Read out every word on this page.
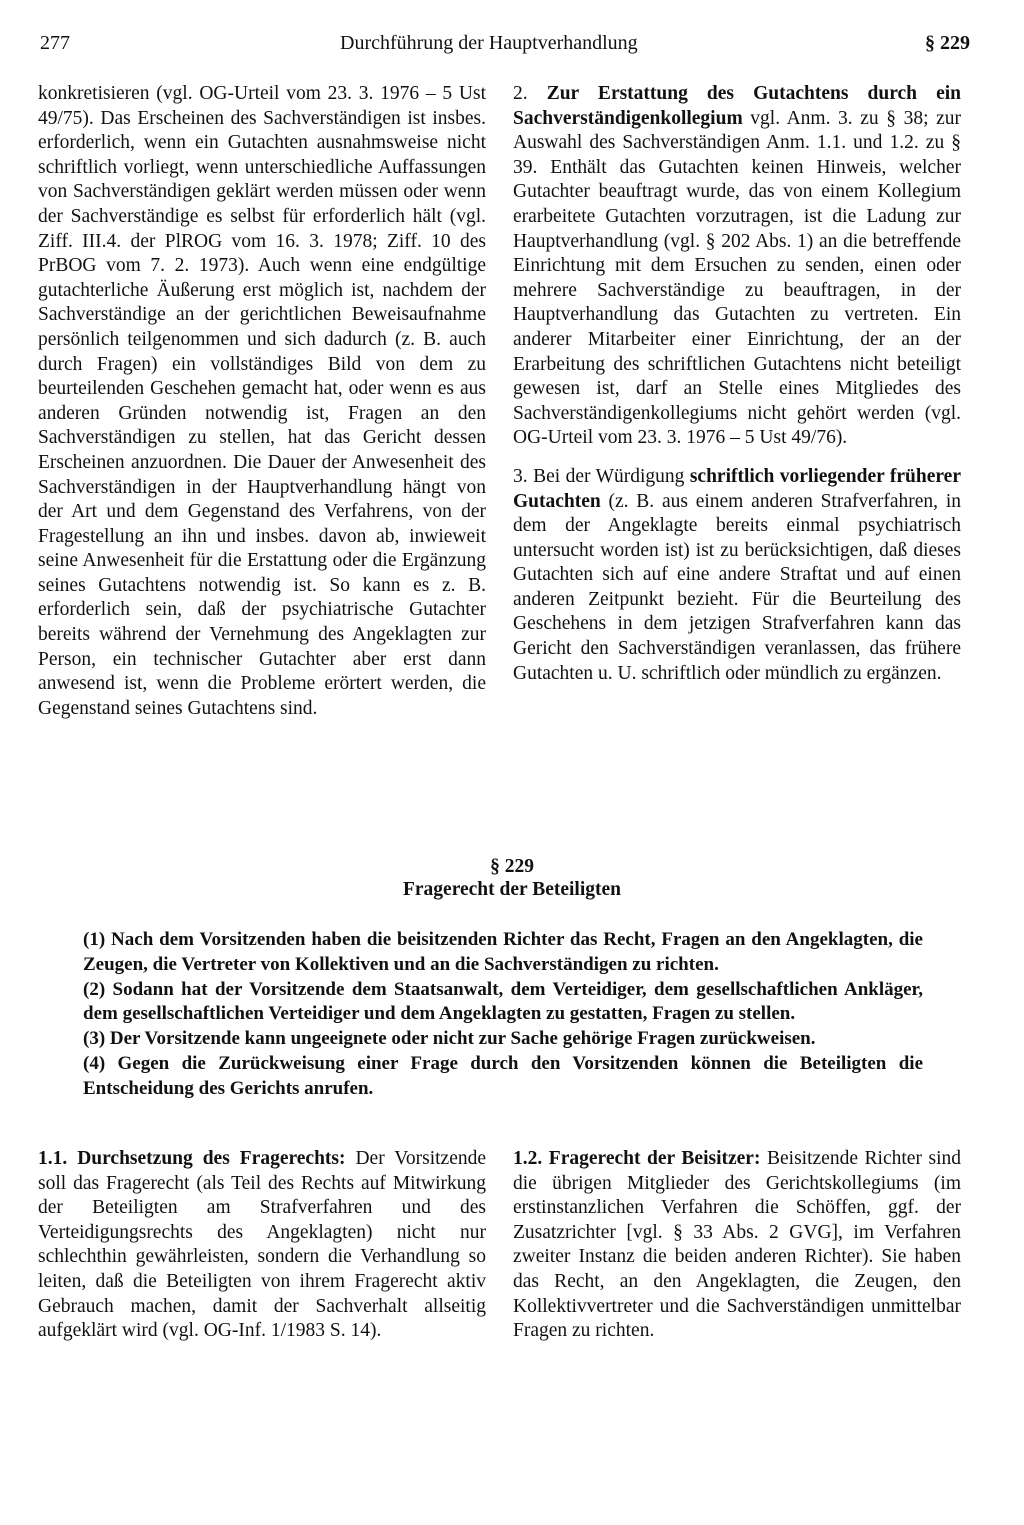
277	Durchführung der Hauptverhandlung	§ 229

konkretisieren (vgl. OG-Urteil vom 23. 3. 1976 – 5 Ust 49/75). Das Erscheinen des Sachverständigen ist insbes. erforderlich, wenn ein Gutachten ausnahmsweise nicht schriftlich vorliegt, wenn unterschiedliche Auffassungen von Sachverständigen geklärt werden müssen oder wenn der Sachverständige es selbst für erforderlich hält (vgl. Ziff. III.4. der PlROG vom 16. 3. 1978; Ziff. 10 des PrBOG vom 7. 2. 1973). Auch wenn eine endgültige gutachterliche Äußerung erst möglich ist, nachdem der Sachverständige an der gerichtlichen Beweisaufnahme persönlich teilgenommen und sich dadurch (z. B. auch durch Fragen) ein vollständiges Bild von dem zu beurteilenden Geschehen gemacht hat, oder wenn es aus anderen Gründen notwendig ist, Fragen an den Sachverständigen zu stellen, hat das Gericht dessen Erscheinen anzuordnen. Die Dauer der Anwesenheit des Sachverständigen in der Hauptverhandlung hängt von der Art und dem Gegenstand des Verfahrens, von der Fragestellung an ihn und insbes. davon ab, inwieweit seine Anwesenheit für die Erstattung oder die Ergänzung seines Gutachtens notwendig ist. So kann es z. B. erforderlich sein, daß der psychiatrische Gutachter bereits während der Vernehmung des Angeklagten zur Person, ein technischer Gutachter aber erst dann anwesend ist, wenn die Probleme erörtert werden, die Gegenstand seines Gutachtens sind.

2. Zur Erstattung des Gutachtens durch ein Sachverständigenkollegium vgl. Anm. 3. zu § 38; zur Auswahl des Sachverständigen Anm. 1.1. und 1.2. zu § 39. Enthält das Gutachten keinen Hinweis, welcher Gutachter beauftragt wurde, das von einem Kollegium erarbeitete Gutachten vorzutragen, ist die Ladung zur Hauptverhandlung (vgl. § 202 Abs. 1) an die betreffende Einrichtung mit dem Ersuchen zu senden, einen oder mehrere Sachverständige zu beauftragen, in der Hauptverhandlung das Gutachten zu vertreten. Ein anderer Mitarbeiter einer Einrichtung, der an der Erarbeitung des schriftlichen Gutachtens nicht beteiligt gewesen ist, darf an Stelle eines Mitgliedes des Sachverständigenkollegiums nicht gehört werden (vgl. OG-Urteil vom 23. 3. 1976 – 5 Ust 49/76).

3. Bei der Würdigung schriftlich vorliegender früherer Gutachten (z. B. aus einem anderen Strafverfahren, in dem der Angeklagte bereits einmal psychiatrisch untersucht worden ist) ist zu berücksichtigen, daß dieses Gutachten sich auf eine andere Straftat und auf einen anderen Zeitpunkt bezieht. Für die Beurteilung des Geschehens in dem jetzigen Strafverfahren kann das Gericht den Sachverständigen veranlassen, das frühere Gutachten u. U. schriftlich oder mündlich zu ergänzen.

§ 229
Fragerecht der Beteiligten

(1) Nach dem Vorsitzenden haben die beisitzenden Richter das Recht, Fragen an den Angeklagten, die Zeugen, die Vertreter von Kollektiven und an die Sachverständigen zu richten.

(2) Sodann hat der Vorsitzende dem Staatsanwalt, dem Verteidiger, dem gesellschaftlichen Ankläger, dem gesellschaftlichen Verteidiger und dem Angeklagten zu gestatten, Fragen zu stellen.

(3) Der Vorsitzende kann ungeeignete oder nicht zur Sache gehörige Fragen zurückweisen.

(4) Gegen die Zurückweisung einer Frage durch den Vorsitzenden können die Beteiligten die Entscheidung des Gerichts anrufen.

1.1. Durchsetzung des Fragerechts: Der Vorsitzende soll das Fragerecht (als Teil des Rechts auf Mitwirkung der Beteiligten am Strafverfahren und des Verteidigungsrechts des Angeklagten) nicht nur schlechthin gewährleisten, sondern die Verhandlung so leiten, daß die Beteiligten von ihrem Fragerecht aktiv Gebrauch machen, damit der Sachverhalt allseitig aufgeklärt wird (vgl. OG-Inf. 1/1983 S. 14).

1.2. Fragerecht der Beisitzer: Beisitzende Richter sind die übrigen Mitglieder des Gerichtskollegiums (im erstinstanzlichen Verfahren die Schöffen, ggf. der Zusatzrichter [vgl. § 33 Abs. 2 GVG], im Verfahren zweiter Instanz die beiden anderen Richter). Sie haben das Recht, an den Angeklagten, die Zeugen, den Kollektivvertreter und die Sachverständigen unmittelbar Fragen zu richten.
